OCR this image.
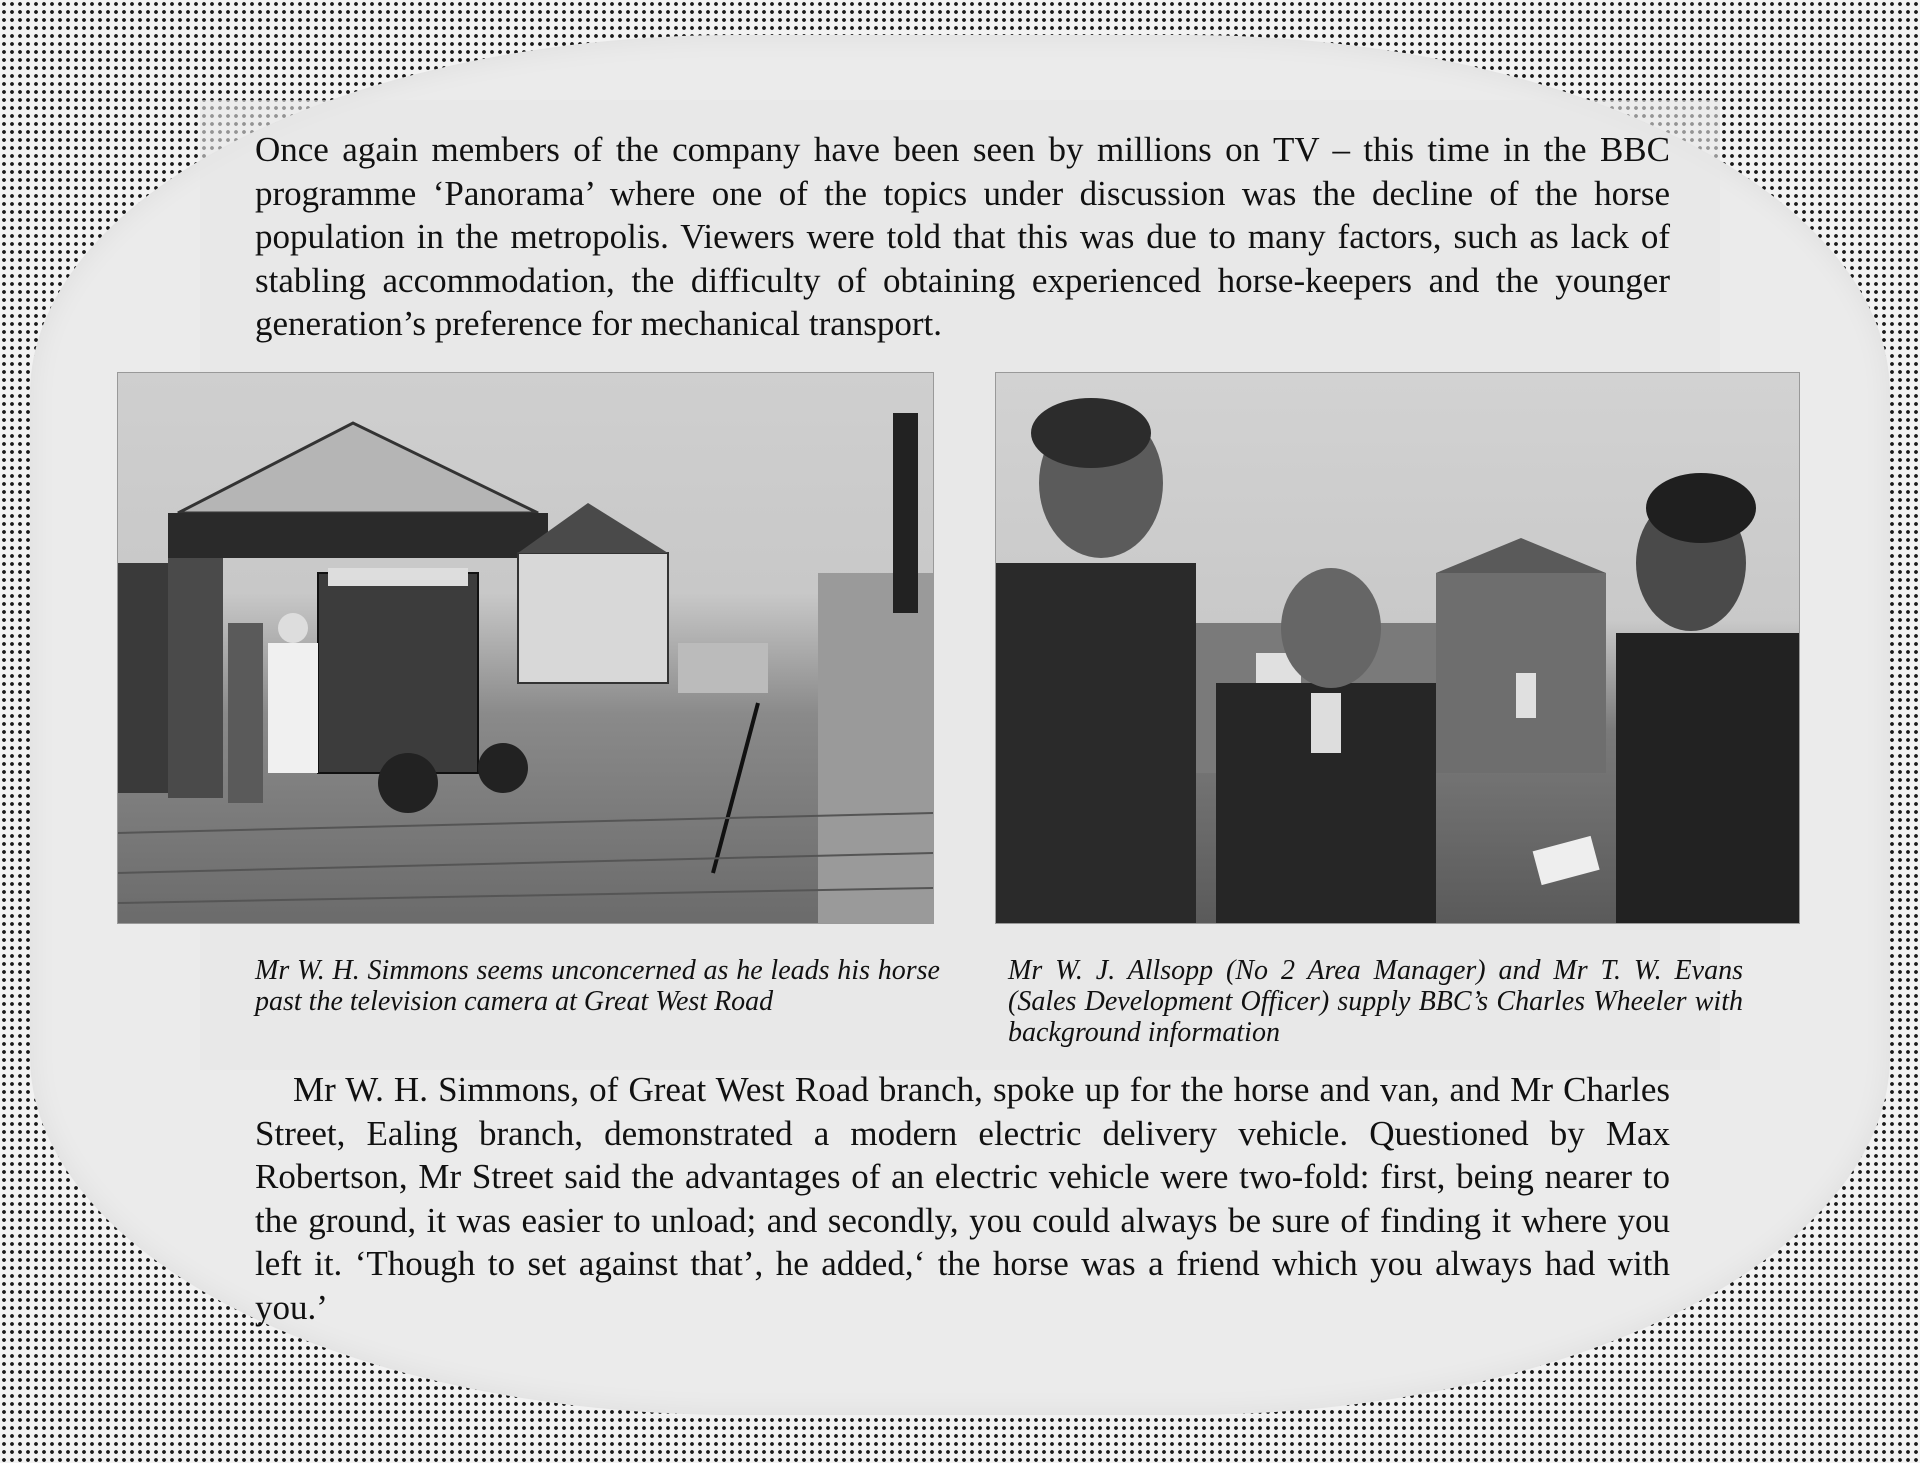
Once again members of the company have been seen by millions on TV – this time in the BBC programme ‘Panorama’ where one of the topics under discussion was the decline of the horse population in the metropolis. Viewers were told that this was due to many factors, such as lack of stabling accommodation, the difficulty of obtaining experienced horse-keepers and the younger generation’s preference for mechanical transport.

Mr W. H. Simmons seems unconcerned as he leads his horse past the television camera at Great West Road

Mr W. J. Allsopp (No 2 Area Manager) and Mr T. W. Evans (Sales Development Officer) supply BBC’s Charles Wheeler with background information

Mr W. H. Simmons, of Great West Road branch, spoke up for the horse and van, and Mr Charles Street, Ealing branch, demonstrated a modern electric delivery vehicle. Questioned by Max Robertson, Mr Street said the advantages of an electric vehicle were two-fold: first, being nearer to the ground, it was easier to unload; and secondly, you could always be sure of finding it where you left it. ‘Though to set against that’, he added,‘ the horse was a friend which you always had with you.’
